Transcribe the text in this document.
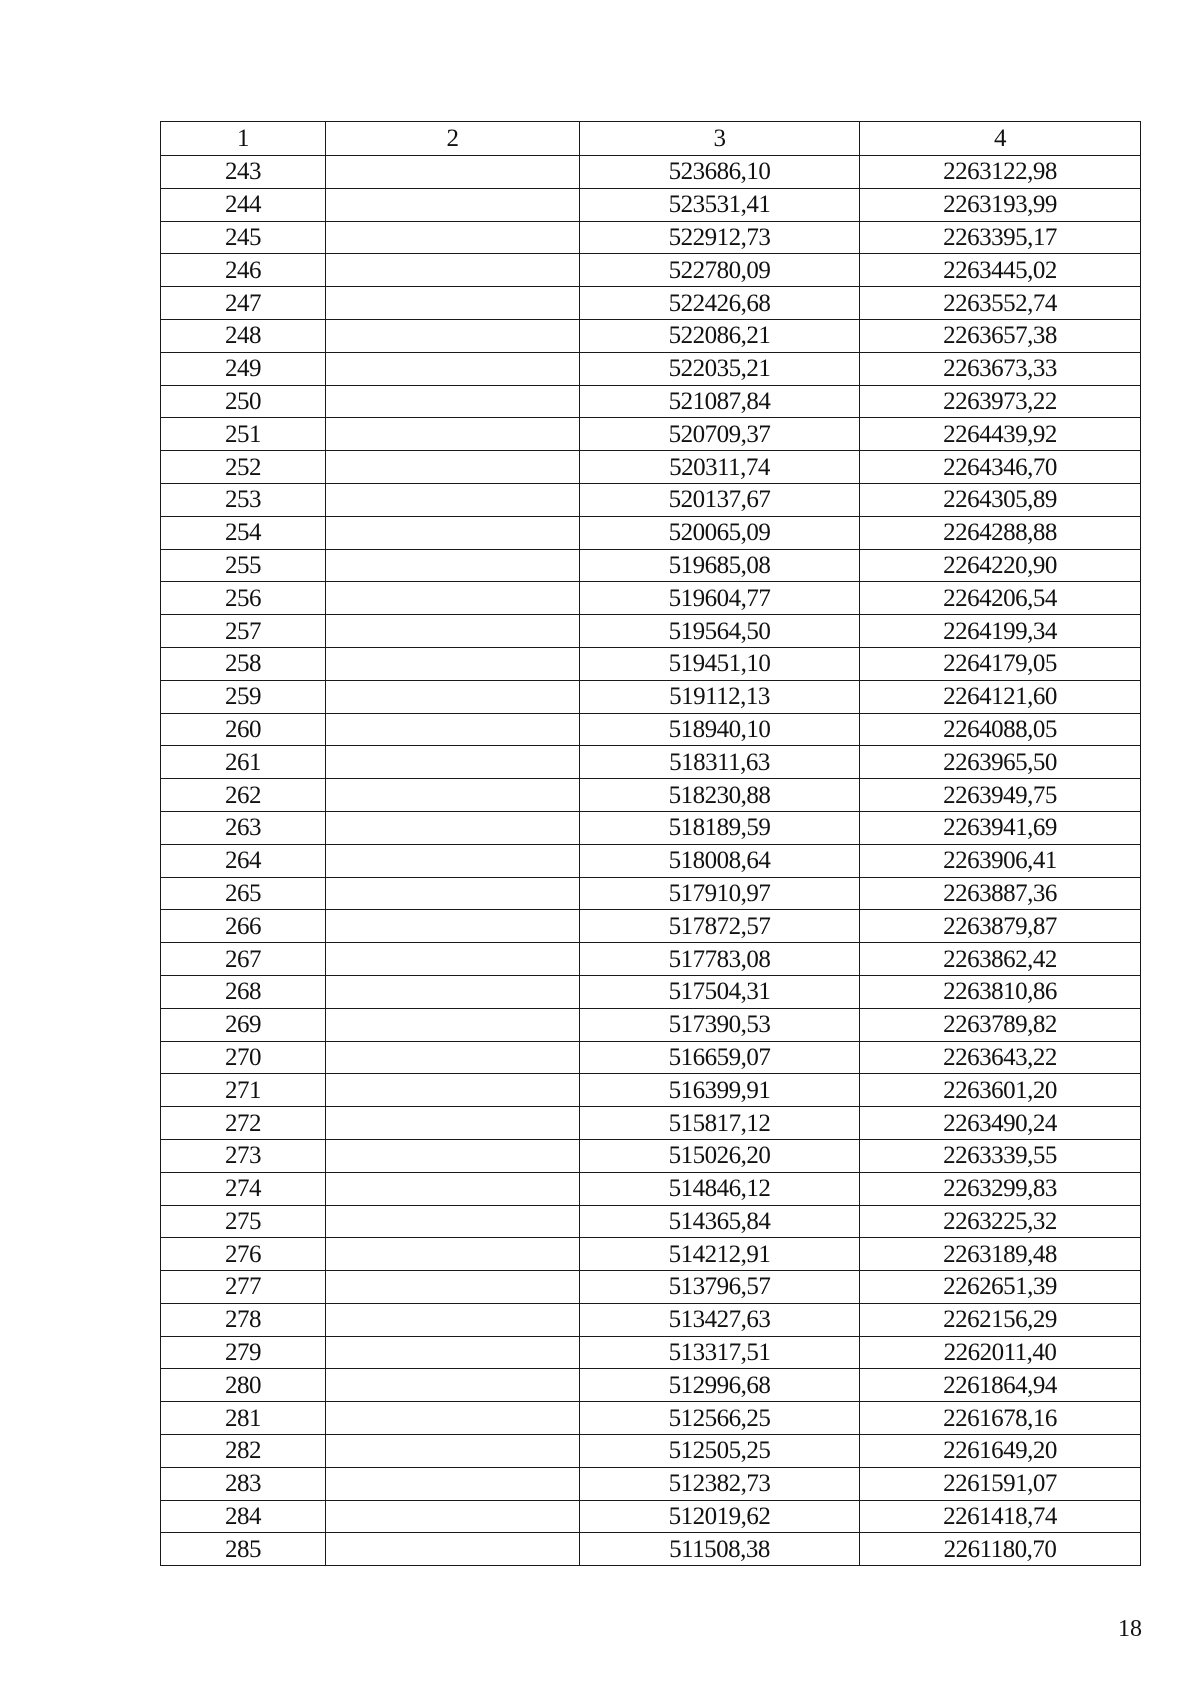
1	2	3	4
243		523686,10	2263122,98
244		523531,41	2263193,99
245		522912,73	2263395,17
246		522780,09	2263445,02
247		522426,68	2263552,74
248		522086,21	2263657,38
249		522035,21	2263673,33
250		521087,84	2263973,22
251		520709,37	2264439,92
252		520311,74	2264346,70
253		520137,67	2264305,89
254		520065,09	2264288,88
255		519685,08	2264220,90
256		519604,77	2264206,54
257		519564,50	2264199,34
258		519451,10	2264179,05
259		519112,13	2264121,60
260		518940,10	2264088,05
261		518311,63	2263965,50
262		518230,88	2263949,75
263		518189,59	2263941,69
264		518008,64	2263906,41
265		517910,97	2263887,36
266		517872,57	2263879,87
267		517783,08	2263862,42
268		517504,31	2263810,86
269		517390,53	2263789,82
270		516659,07	2263643,22
271		516399,91	2263601,20
272		515817,12	2263490,24
273		515026,20	2263339,55
274		514846,12	2263299,83
275		514365,84	2263225,32
276		514212,91	2263189,48
277		513796,57	2262651,39
278		513427,63	2262156,29
279		513317,51	2262011,40
280		512996,68	2261864,94
281		512566,25	2261678,16
282		512505,25	2261649,20
283		512382,73	2261591,07
284		512019,62	2261418,74
285		511508,38	2261180,70
18
